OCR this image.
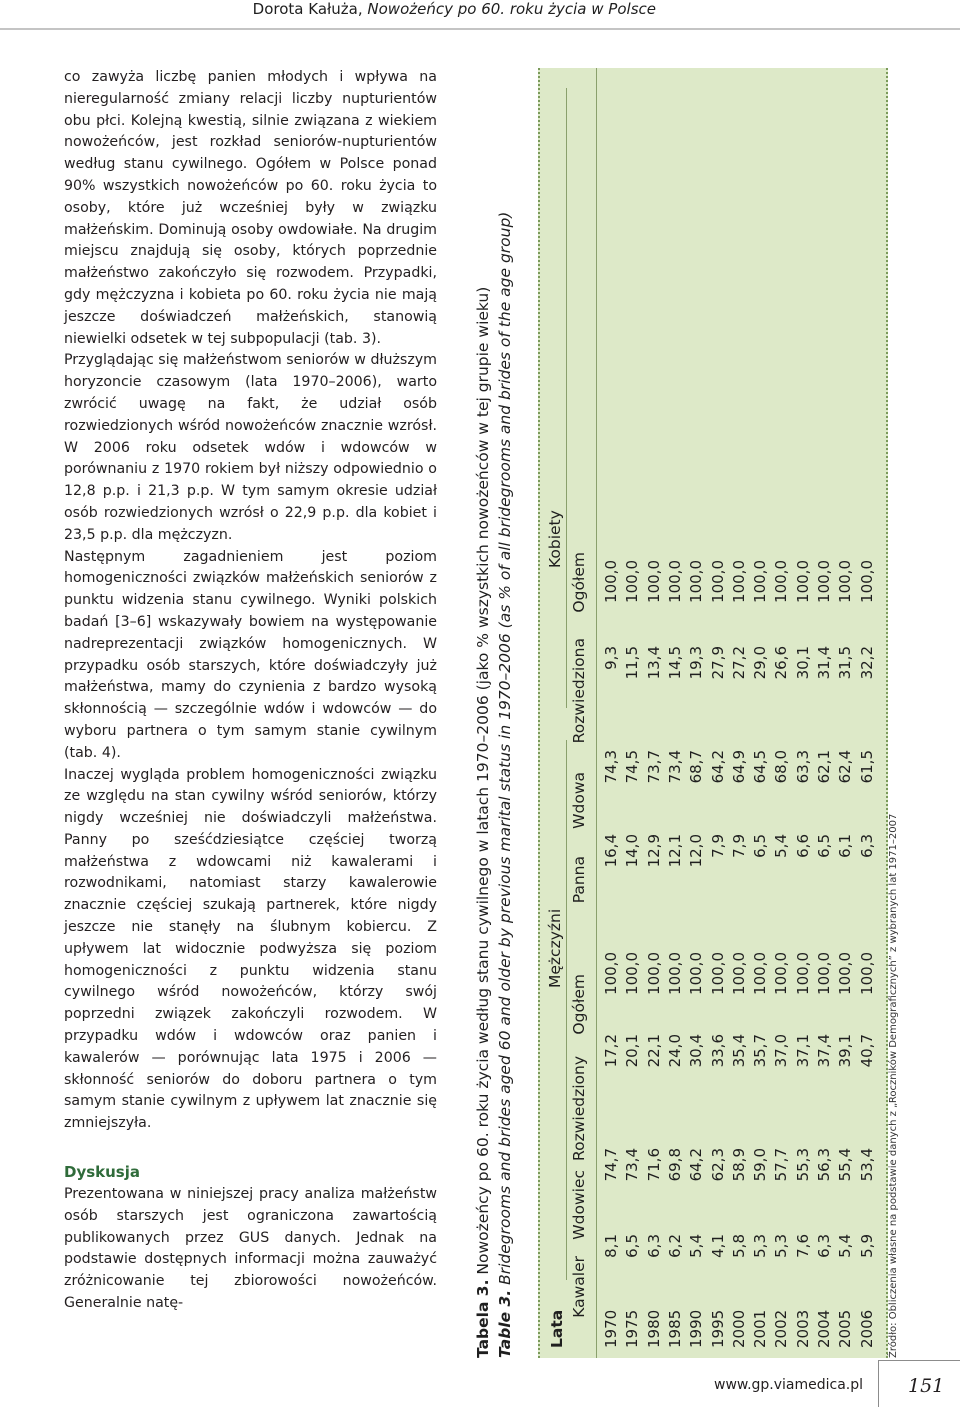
Dorota Kałuża, Nowożeńcy po 60. roku życia w Polsce

co zawyża liczbę panien młodych i wpływa na nieregularność zmiany relacji liczby nupturientów obu płci. Kolejną kwestią, silnie związana z wiekiem nowożeńców, jest rozkład seniorów-nupturientów według stanu cywilnego. Ogółem w Polsce ponad 90% wszystkich nowożeńców po 60. roku życia to osoby, które już wcześniej były w związku małżeńskim. Dominują osoby owdowiałe. Na drugim miejscu znajdują się osoby, których poprzednie małżeństwo zakończyło się rozwodem. Przypadki, gdy mężczyzna i kobieta po 60. roku życia nie mają jeszcze doświadczeń małżeńskich, stanowią niewielki odsetek w tej subpopulacji (tab. 3).

Przyglądając się małżeństwom seniorów w dłuższym horyzoncie czasowym (lata 1970–2006), warto zwrócić uwagę na fakt, że udział osób rozwiedzionych wśród nowożeńców znacznie wzrósł. W 2006 roku odsetek wdów i wdowców w porównaniu z 1970 rokiem był niższy odpowiednio o 12,8 p.p. i 21,3 p.p. W tym samym okresie udział osób rozwiedzionych wzrósł o 22,9 p.p. dla kobiet i 23,5 p.p. dla mężczyzn.

Następnym zagadnieniem jest poziom homogeniczności związków małżeńskich seniorów z punktu widzenia stanu cywilnego. Wyniki polskich badań [3–6] wskazywały bowiem na występowanie nadreprezentacji związków homogenicznych. W przypadku osób starszych, które doświadczyły już małżeństwa, mamy do czynienia z bardzo wysoką skłonnością — szczególnie wdów i wdowców — do wyboru partnera o tym samym stanie cywilnym (tab. 4).

Inaczej wygląda problem homogeniczności związku ze względu na stan cywilny wśród seniorów, którzy nigdy wcześniej nie doświadczyli małżeństwa. Panny po sześćdziesiątce częściej tworzą małżeństwa z wdowcami niż kawalerami i rozwodnikami, natomiast starzy kawalerowie znacznie częściej szukają partnerek, które nigdy jeszcze nie stanęły na ślubnym kobiercu. Z upływem lat widocznie podwyższa się poziom homogeniczności z punktu widzenia stanu cywilnego wśród nowożeńców, którzy swój poprzedni związek zakończyli rozwodem. W przypadku wdów i wdowców oraz panien i kawalerów — porównując lata 1975 i 2006 — skłonność seniorów do doboru partnera o tym samym stanie cywilnym z upływem lat znacznie się zmniejszyła.

Dyskusja

Prezentowana w niniejszej pracy analiza małżeństw osób starszych jest ograniczona zawartością publikowanych przez GUS danych. Jednak na podstawie dostępnych informacji można zauważyć zróżnicowanie tej zbiorowości nowożeńców. Generalnie natę-	Tabela 3. Nowożeńcy po 60. roku życia według stanu cywilnego w latach 1970–2006 (jako % wszystkich nowożeńców w tej grupie wieku)
Table 3. Bridegrooms and brides aged 60 and older by previous marital status in 1970–2006 (as % of all bridegrooms and brides of the age group)
Lata
Mężczyźni
Kobiety
Kawaler
Wdowiec
Rozwiedziony
Ogółem
Panna
Wdowa
Rozwiedziona
Ogółem
1970
8,1
74,7
17,2
100,0
16,4
74,3
9,3
100,0
1975
6,5
73,4
20,1
100,0
14,0
74,5
11,5
100,0
1980
6,3
71,6
22,1
100,0
12,9
73,7
13,4
100,0
1985
6,2
69,8
24,0
100,0
12,1
73,4
14,5
100,0
1990
5,4
64,2
30,4
100,0
12,0
68,7
19,3
100,0
1995
4,1
62,3
33,6
100,0
7,9
64,2
27,9
100,0
2000
5,8
58,9
35,4
100,0
7,9
64,9
27,2
100,0
2001
5,3
59,0
35,7
100,0
6,5
64,5
29,0
100,0
2002
5,3
57,7
37,0
100,0
5,4
68,0
26,6
100,0
2003
7,6
55,3
37,1
100,0
6,6
63,3
30,1
100,0
2004
6,3
56,3
37,4
100,0
6,5
62,1
31,4
100,0
2005
5,4
55,4
39,1
100,0
6,1
62,4
31,5
100,0
2006
5,9
53,4
40,7
100,0
6,3
61,5
32,2
100,0
Źródło: Obliczenia własne na podstawie danych z „Roczników Demograficznych” z wybranych lat 1971–2007
www.gp.viamedica.pl 151
